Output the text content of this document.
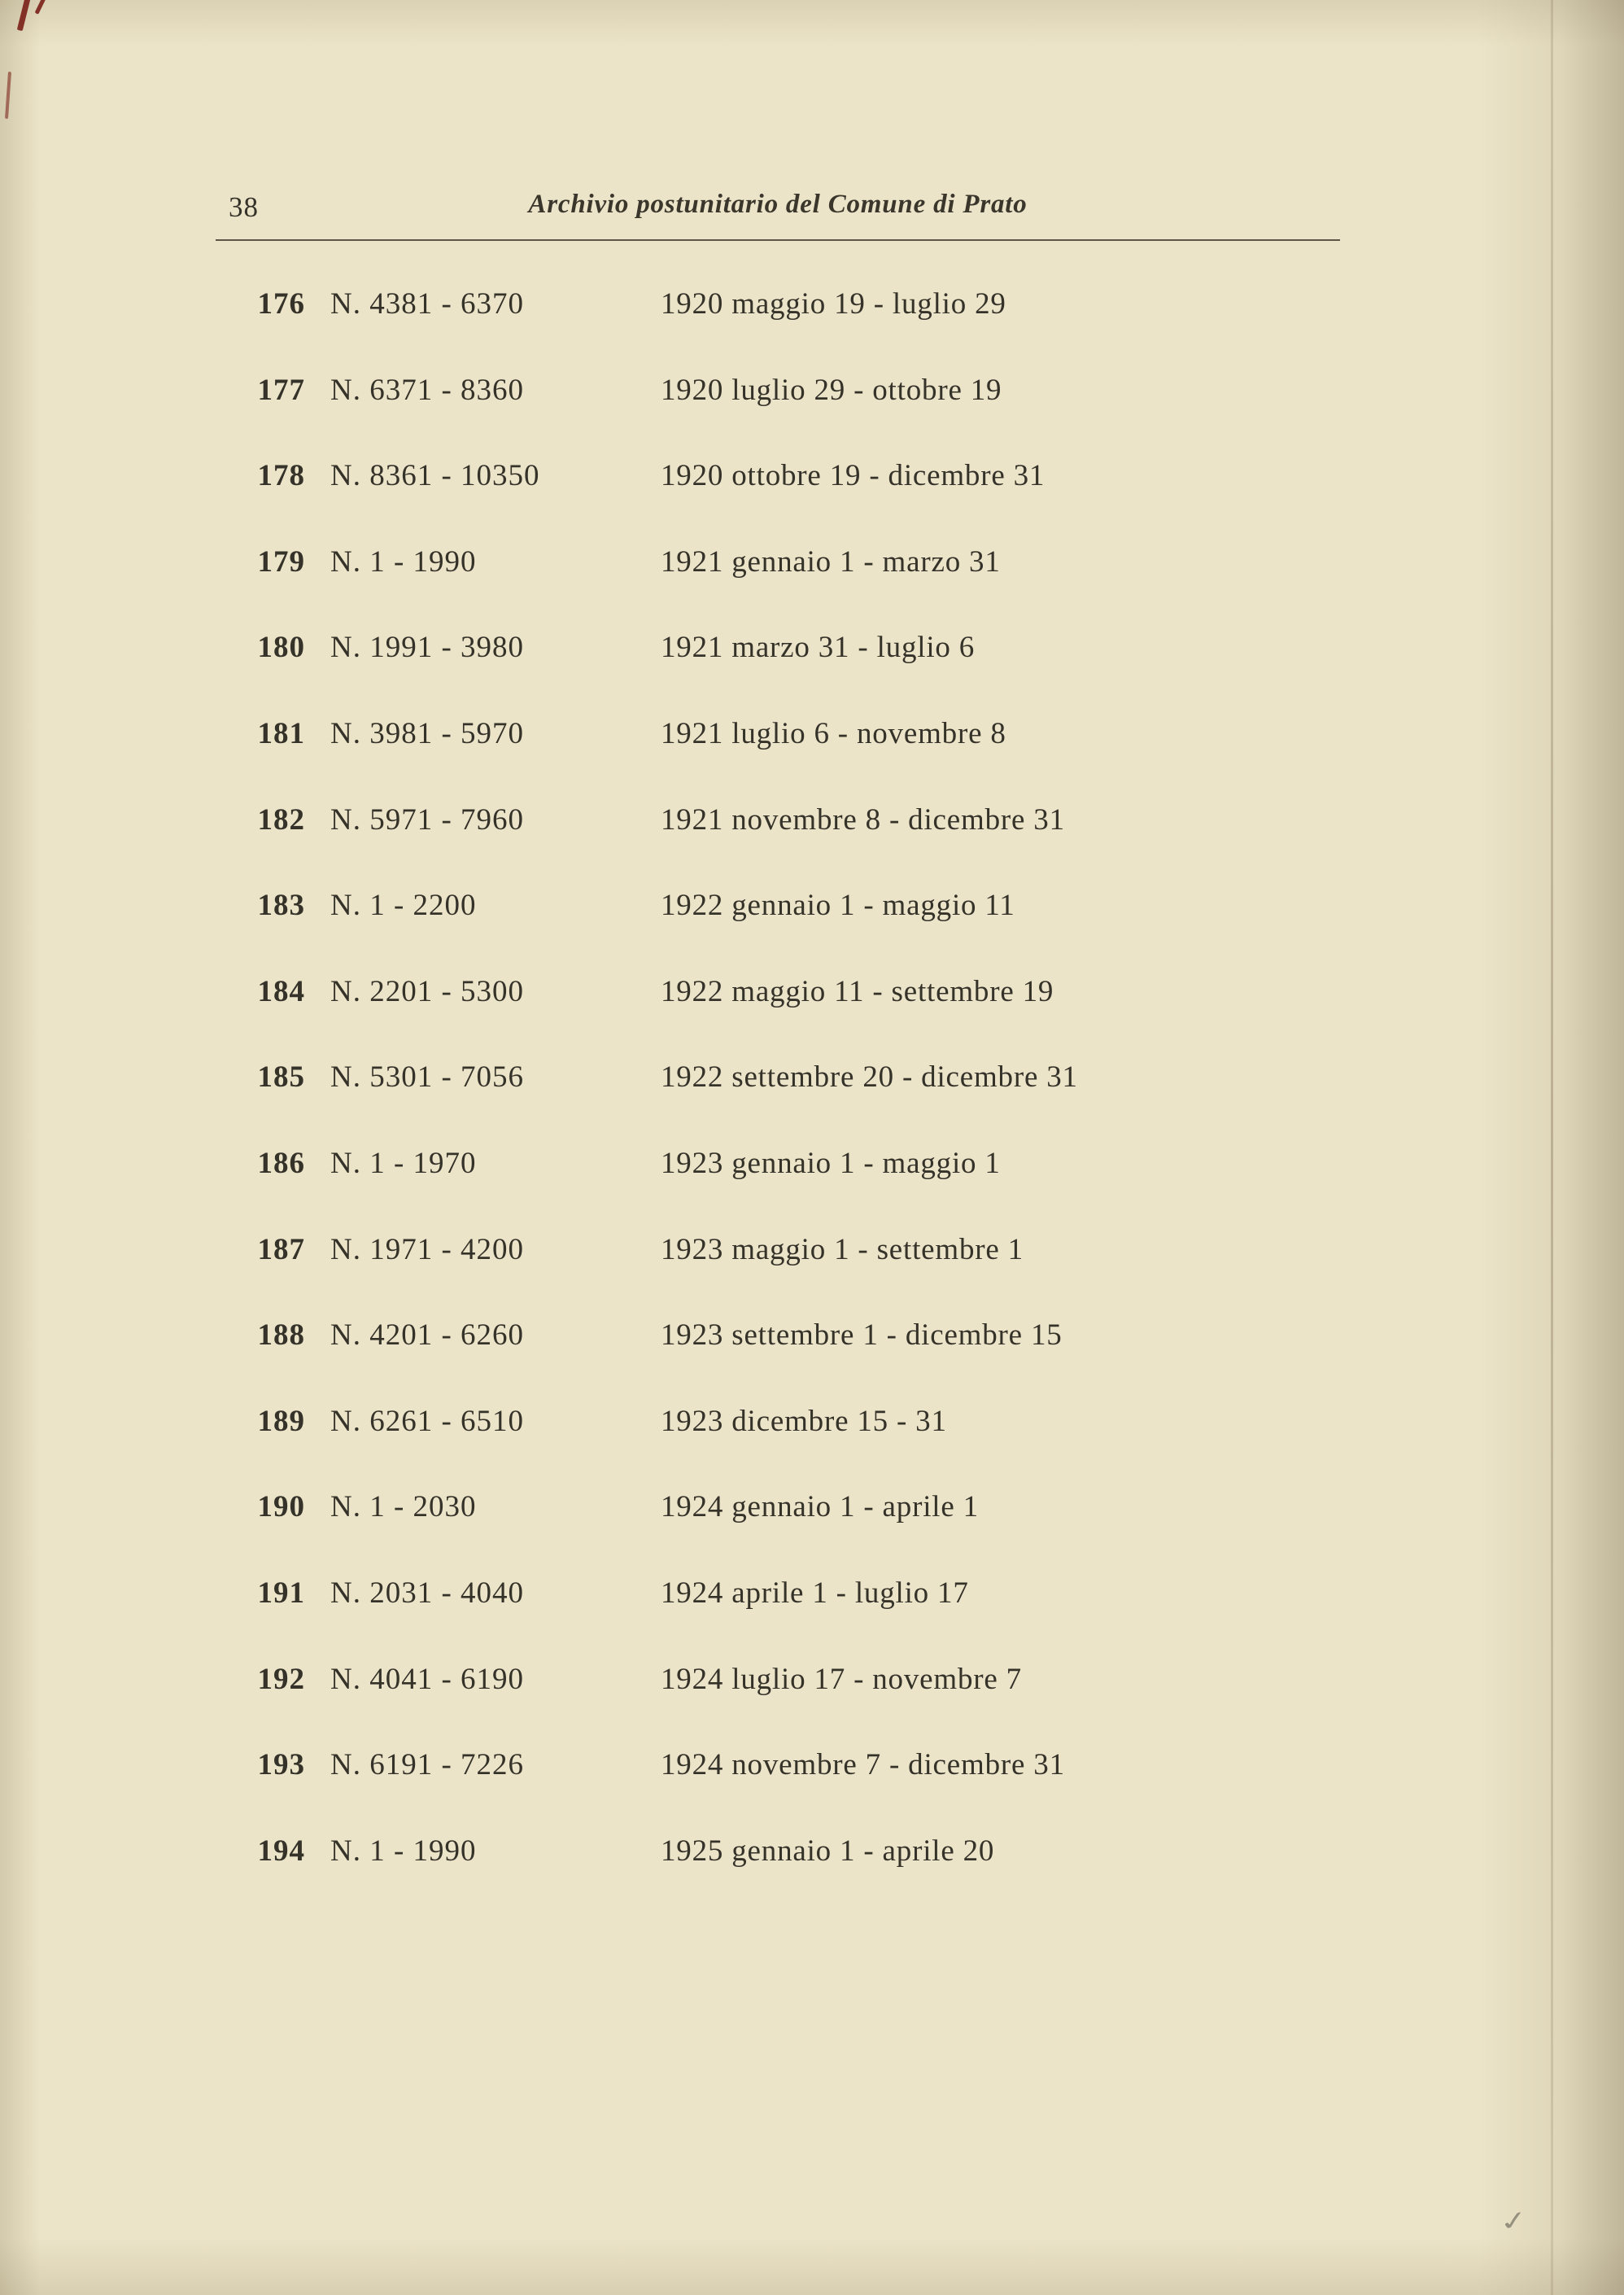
38	Archivio postunitario del Comune di Prato
176 N. 4381 - 6370	1920 maggio 19 - luglio 29
177 N. 6371 - 8360	1920 luglio 29 - ottobre 19
178 N. 8361 - 10350	1920 ottobre 19 - dicembre 31
179 N. 1 - 1990	1921 gennaio 1 - marzo 31
180 N. 1991 - 3980	1921 marzo 31 - luglio 6
181 N. 3981 - 5970	1921 luglio 6 - novembre 8
182 N. 5971 - 7960	1921 novembre 8 - dicembre 31
183 N. 1 - 2200	1922 gennaio 1 - maggio 11
184 N. 2201 - 5300	1922 maggio 11 - settembre 19
185 N. 5301 - 7056	1922 settembre 20 - dicembre 31
186 N. 1 - 1970	1923 gennaio 1 - maggio 1
187 N. 1971 - 4200	1923 maggio 1 - settembre 1
188 N. 4201 - 6260	1923 settembre 1 - dicembre 15
189 N. 6261 - 6510	1923 dicembre 15 - 31
190 N. 1 - 2030	1924 gennaio 1 - aprile 1
191 N. 2031 - 4040	1924 aprile 1 - luglio 17
192 N. 4041 - 6190	1924 luglio 17 - novembre 7
193 N. 6191 - 7226	1924 novembre 7 - dicembre 31
194 N. 1 - 1990	1925 gennaio 1 - aprile 20
✓
